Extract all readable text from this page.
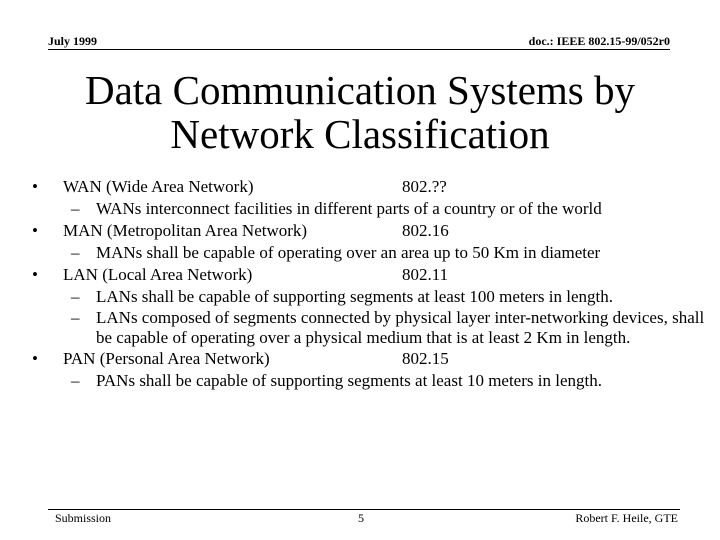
July 1999	doc.: IEEE 802.15-99/052r0
Data Communication Systems by
Network Classification
• WAN (Wide Area Network)	802.??
– WANs interconnect facilities in different parts of a country or of the world
• MAN (Metropolitan Area Network)	802.16
– MANs shall be capable of operating over an area up to 50 Km in diameter
• LAN (Local Area Network)	802.11
– LANs shall be capable of supporting segments at least 100 meters in length.
– LANs composed of segments connected by physical layer inter-networking devices, shall be capable of operating over a physical medium that is at least 2 Km in length.
• PAN (Personal Area Network)	802.15
– PANs shall be capable of supporting segments at least 10 meters in length.
Submission	5	Robert F. Heile, GTE
